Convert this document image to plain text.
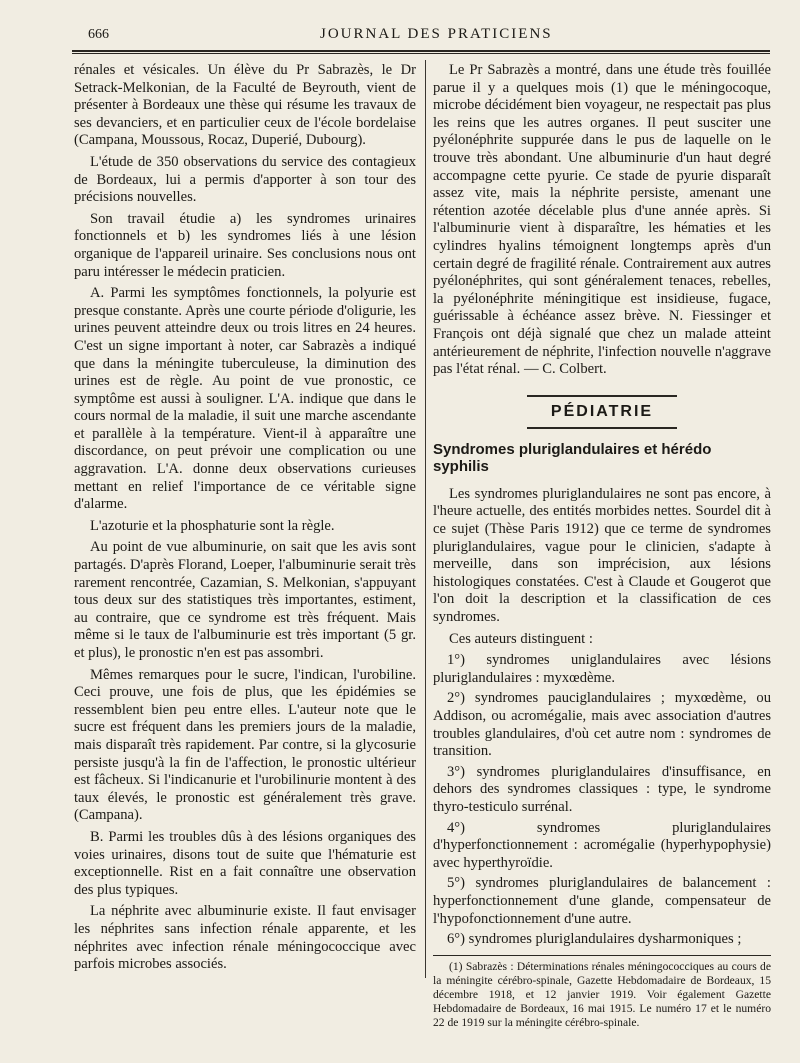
666	JOURNAL DES PRATICIENS

rénales et vésicales. Un élève du Pr Sabrazès, le Dr Setrack-Melkonian, de la Faculté de Beyrouth, vient de présenter à Bordeaux une thèse qui résume les travaux de ses devanciers, et en particulier ceux de l'école bordelaise (Campana, Moussous, Rocaz, Duperié, Dubourg).

L'étude de 350 observations du service des contagieux de Bordeaux, lui a permis d'apporter à son tour des précisions nouvelles.

Son travail étudie a) les syndromes urinaires fonctionnels et b) les syndromes liés à une lésion organique de l'appareil urinaire. Ses conclusions nous ont paru intéresser le médecin praticien.

A. Parmi les symptômes fonctionnels, la polyurie est presque constante. Après une courte période d'oligurie, les urines peuvent atteindre deux ou trois litres en 24 heures. C'est un signe important à noter, car Sabrazès a indiqué que dans la méningite tuberculeuse, la diminution des urines est de règle. Au point de vue pronostic, ce symptôme est aussi à souligner. L'A. indique que dans le cours normal de la maladie, il suit une marche ascendante et parallèle à la température. Vient-il à apparaître une discordance, on peut prévoir une complication ou une aggravation. L'A. donne deux observations curieuses mettant en relief l'importance de ce véritable signe d'alarme.

L'azoturie et la phosphaturie sont la règle.

Au point de vue albuminurie, on sait que les avis sont partagés. D'après Florand, Loeper, l'albuminurie serait très rarement rencontrée, Cazamian, S. Melkonian, s'appuyant tous deux sur des statistiques très importantes, estiment, au contraire, que ce syndrome est très fréquent. Mais même si le taux de l'albuminurie est très important (5 gr. et plus), le pronostic n'en est pas assombri.

Mêmes remarques pour le sucre, l'indican, l'urobiline. Ceci prouve, une fois de plus, que les épidémies se ressemblent bien peu entre elles. L'auteur note que le sucre est fréquent dans les premiers jours de la maladie, mais disparaît très rapidement. Par contre, si la glycosurie persiste jusqu'à la fin de l'affection, le pronostic ultérieur est fâcheux. Si l'indicanurie et l'urobilinurie montent à des taux élevés, le pronostic est généralement très grave. (Campana).

B. Parmi les troubles dûs à des lésions organiques des voies urinaires, disons tout de suite que l'hématurie est exceptionnelle. Rist en a fait connaître une observation des plus typiques.

La néphrite avec albuminurie existe. Il faut envisager les néphrites sans infection rénale apparente, et les néphrites avec infection rénale méningococcique avec parfois microbes associés.

Le Pr Sabrazès a montré, dans une étude très fouillée parue il y a quelques mois (1) que le méningocoque, microbe décidément bien voyageur, ne respectait pas plus les reins que les autres organes. Il peut susciter une pyélonéphrite suppurée dans le pus de laquelle on le trouve très abondant. Une albuminurie d'un haut degré accompagne cette pyurie. Ce stade de pyurie disparaît assez vite, mais la néphrite persiste, amenant une rétention azotée décelable plus d'une année après. Si l'albuminurie vient à disparaître, les hématies et les cylindres hyalins témoignent longtemps après d'un certain degré de fragilité rénale. Contrairement aux autres pyélonéphrites, qui sont généralement tenaces, rebelles, la pyélonéphrite méningitique est insidieuse, fugace, guérissable à échéance assez brève. N. Fiessinger et François ont déjà signalé que chez un malade atteint antérieurement de néphrite, l'infection nouvelle n'aggrave pas l'état rénal. — C. Colbert.

PÉDIATRIE
Syndromes pluriglandulaires et hérédo syphilis

Les syndromes pluriglandulaires ne sont pas encore, à l'heure actuelle, des entités morbides nettes. Sourdel dit à ce sujet (Thèse Paris 1912) que ce terme de syndromes pluriglandulaires, vague pour le clinicien, s'adapte à merveille, dans son imprécision, aux lésions histologiques constatées. C'est à Claude et Gougerot que l'on doit la description et la classification de ces syndromes.

Ces auteurs distinguent :

1°) syndromes uniglandulaires avec lésions pluriglandulaires : myxœdème.

2°) syndromes pauciglandulaires ; myxœdème, ou Addison, ou acromégalie, mais avec association d'autres troubles glandulaires, d'où cet autre nom : syndromes de transition.

3°) syndromes pluriglandulaires d'insuffisance, en dehors des syndromes classiques : type, le syndrome thyro-testiculo surrénal.

4°) syndromes pluriglandulaires d'hyperfonctionnement : acromégalie (hyperhypophysie) avec hyperthyroïdie.

5°) syndromes pluriglandulaires de balancement : hyperfonctionnement d'une glande, compensateur de l'hypofonctionnement d'une autre.

6°) syndromes pluriglandulaires dysharmoniques ;

(1) Sabrazès : Déterminations rénales méningococciques au cours de la méningite cérébro-spinale, Gazette Hebdomadaire de Bordeaux, 15 décembre 1918, et 12 janvier 1919. Voir également Gazette Hebdomadaire de Bordeaux, 16 mai 1915. Le numéro 17 et le numéro 22 de 1919 sur la méningite cérébro-spinale.
